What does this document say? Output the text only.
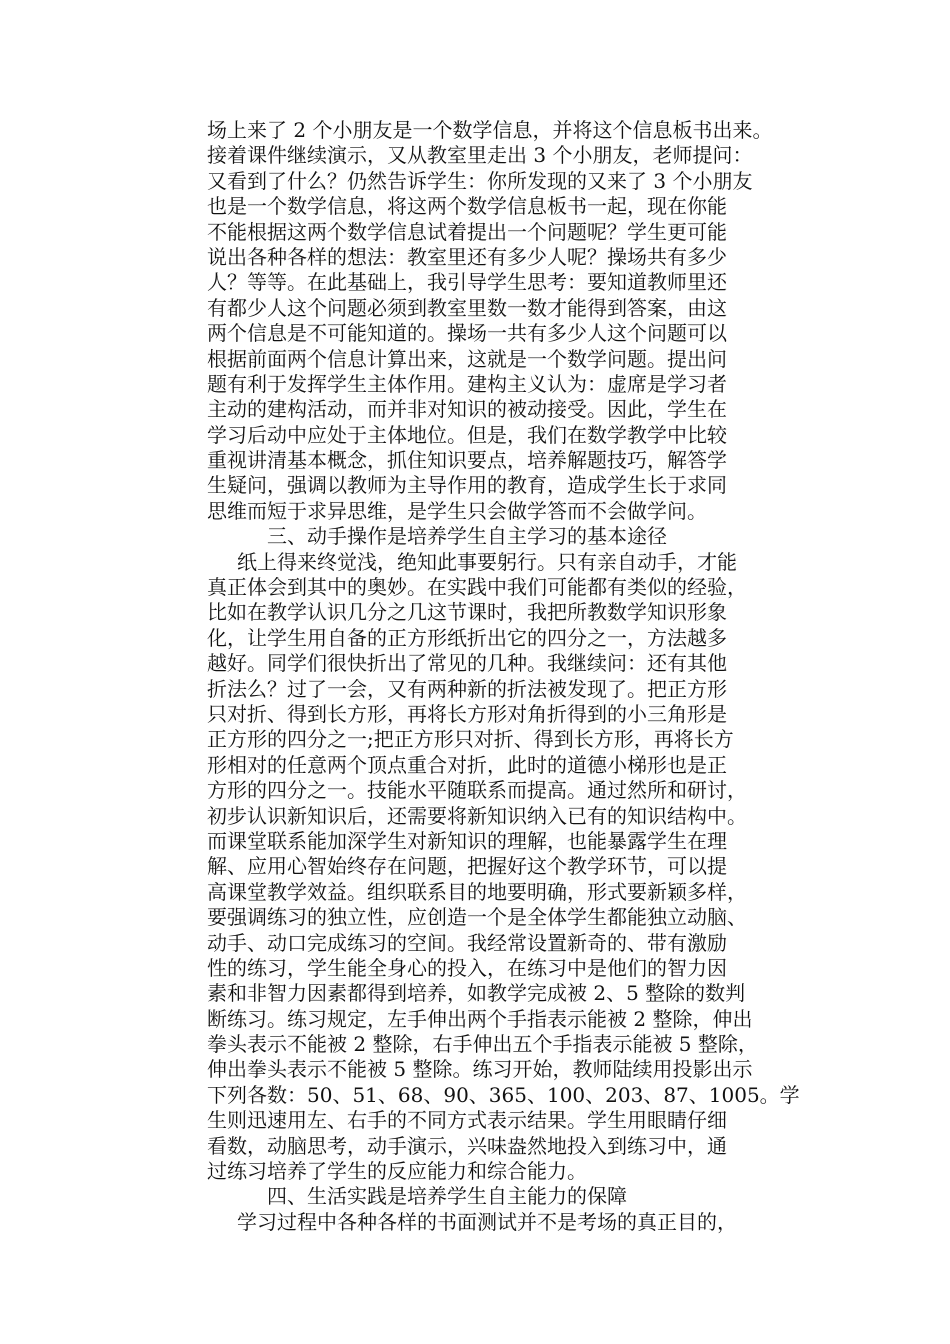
场上来了 2 个小朋友是一个数学信息，并将这个信息板书出来。
接着课件继续演示，又从教室里走出 3 个小朋友，老师提问：
又看到了什么？仍然告诉学生：你所发现的又来了 3 个小朋友
也是一个数学信息，将这两个数学信息板书一起，现在你能
不能根据这两个数学信息试着提出一个问题呢？学生更可能
说出各种各样的想法：教室里还有多少人呢？操场共有多少
人？等等。在此基础上，我引导学生思考：要知道教师里还
有都少人这个问题必须到教室里数一数才能得到答案，由这
两个信息是不可能知道的。操场一共有多少人这个问题可以
根据前面两个信息计算出来，这就是一个数学问题。提出问
题有利于发挥学生主体作用。建构主义认为：虚席是学习者
主动的建构活动，而并非对知识的被动接受。因此，学生在
学习后动中应处于主体地位。但是，我们在数学教学中比较
重视讲清基本概念，抓住知识要点，培养解题技巧，解答学
生疑问，强调以教师为主导作用的教育，造成学生长于求同
思维而短于求异思维，是学生只会做学答而不会做学问。
三、动手操作是培养学生自主学习的基本途径
纸上得来终觉浅，绝知此事要躬行。只有亲自动手，才能
真正体会到其中的奥妙。在实践中我们可能都有类似的经验，
比如在教学认识几分之几这节课时，我把所教数学知识形象
化，让学生用自备的正方形纸折出它的四分之一，方法越多
越好。同学们很快折出了常见的几种。我继续问：还有其他
折法么？过了一会，又有两种新的折法被发现了。把正方形
只对折、得到长方形，再将长方形对角折得到的小三角形是
正方形的四分之一;把正方形只对折、得到长方形，再将长方
形相对的任意两个顶点重合对折，此时的道德小梯形也是正
方形的四分之一。技能水平随联系而提高。通过然所和研讨，
初步认识新知识后，还需要将新知识纳入已有的知识结构中。
而课堂联系能加深学生对新知识的理解，也能暴露学生在理
解、应用心智始终存在问题，把握好这个教学环节，可以提
高课堂教学效益。组织联系目的地要明确，形式要新颖多样，
要强调练习的独立性，应创造一个是全体学生都能独立动脑、
动手、动口完成练习的空间。我经常设置新奇的、带有激励
性的练习，学生能全身心的投入，在练习中是他们的智力因
素和非智力因素都得到培养，如教学完成被 2、5 整除的数判
断练习。练习规定，左手伸出两个手指表示能被 2 整除，伸出
拳头表示不能被 2 整除，右手伸出五个手指表示能被 5 整除，
伸出拳头表示不能被 5 整除。练习开始，教师陆续用投影出示
下列各数：50、51、68、90、365、100、203、87、1005。学
生则迅速用左、右手的不同方式表示结果。学生用眼睛仔细
看数，动脑思考，动手演示，兴味盎然地投入到练习中，通
过练习培养了学生的反应能力和综合能力。
四、生活实践是培养学生自主能力的保障
学习过程中各种各样的书面测试并不是考场的真正目的，
